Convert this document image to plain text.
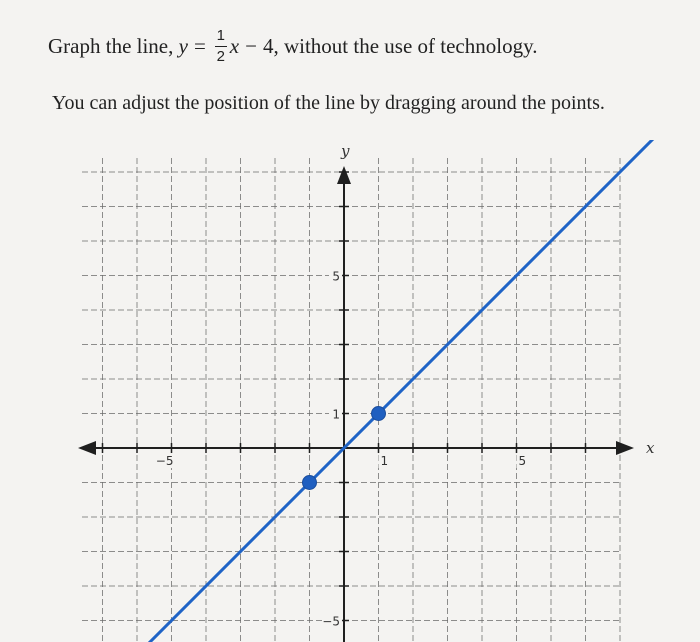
Graph the line,
$y = \frac{1}{2}$ x − 4, without the use of technology.
You can adjust the position of the line by dragging around the points.
−5	1	5
5
1
−5
x
y
